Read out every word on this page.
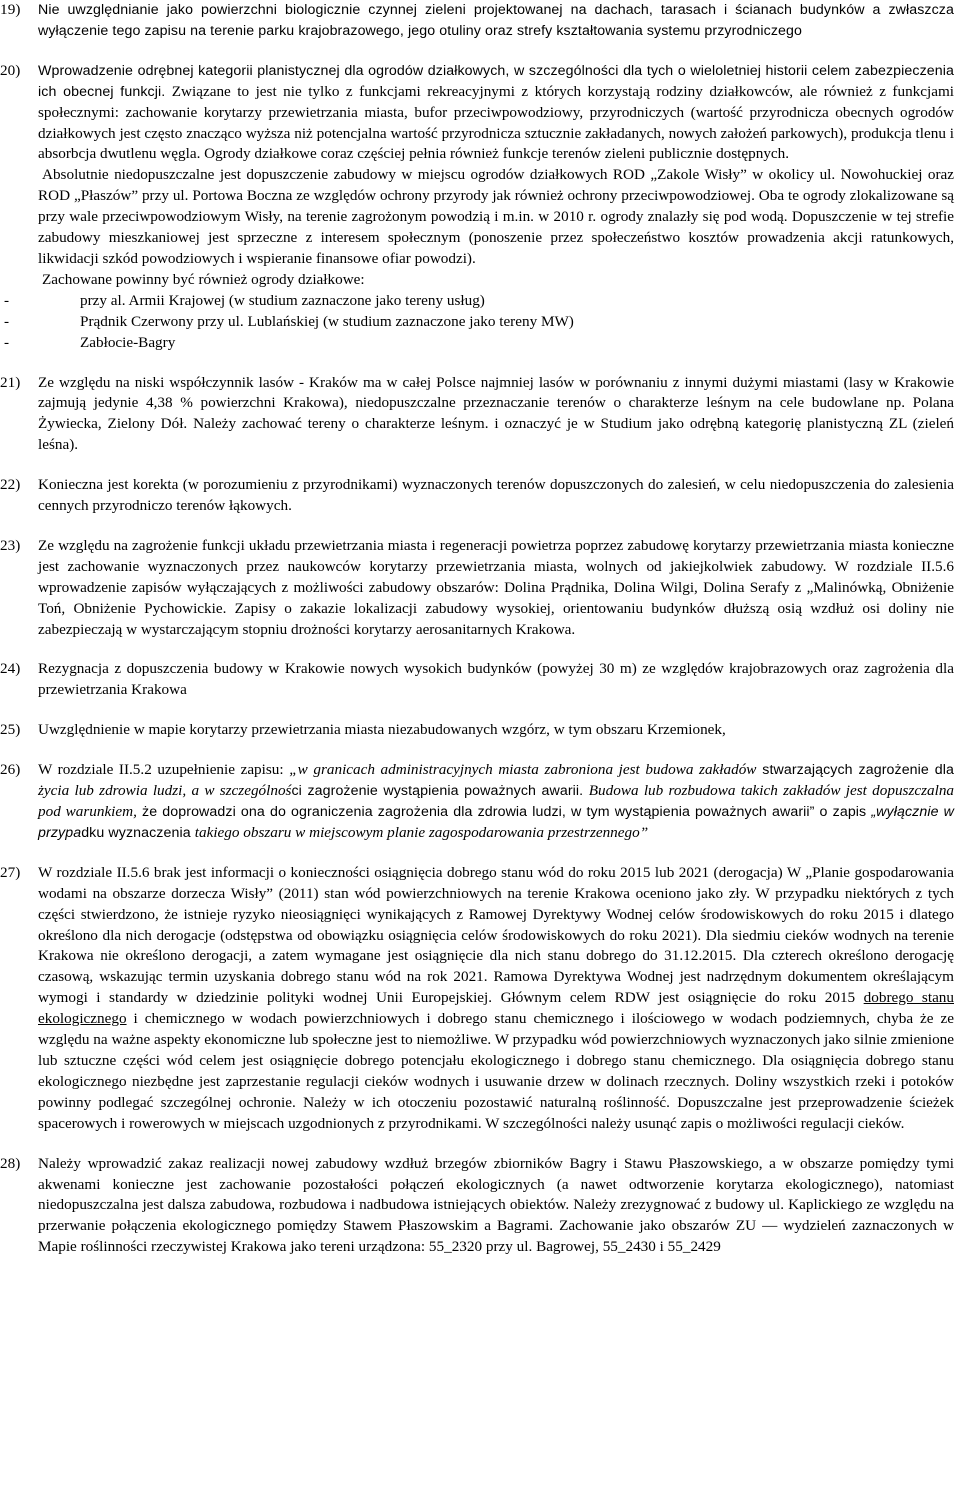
19) Nie uwzględnianie jako powierzchni biologicznie czynnej zieleni projektowanej na dachach, tarasach i ścianach budynków a zwłaszcza wyłączenie tego zapisu na terenie parku krajobrazowego, jego otuliny oraz strefy kształtowania systemu przyrodniczego

20) Wprowadzenie odrębnej kategorii planistycznej dla ogrodów działkowych, w szczególności dla tych o wieloletniej historii celem zabezpieczenia ich obecnej funkcji. Związane to jest nie tylko z funkcjami rekreacyjnymi z których korzystają rodziny działkowców, ale również z funkcjami społecznymi: zachowanie korytarzy przewietrzania miasta, bufor przeciwpowodziowy, przyrodniczych (wartość przyrodnicza obecnych ogrodów działkowych jest często znacząco wyższa niż potencjalna wartość przyrodnicza sztucznie zakładanych, nowych założeń parkowych), produkcja tlenu i absorbcja dwutlenu węgla. Ogrody działkowe coraz częściej pełnia również funkcje terenów zieleni publicznie dostępnych.

Absolutnie niedopuszczalne jest dopuszczenie zabudowy w miejscu ogrodów działkowych ROD „Zakole Wisły” w okolicy ul. Nowohuckiej oraz ROD „Płaszów” przy ul. Portowa Boczna ze względów ochrony przyrody jak również ochrony przeciwpowodziowej. Oba te ogrody zlokalizowane są przy wale przeciwpowodziowym Wisły, na terenie zagrożonym powodzią i m.in. w 2010 r. ogrody znalazły się pod wodą. Dopuszczenie w tej strefie zabudowy mieszkaniowej jest sprzeczne z interesem społecznym (ponoszenie przez społeczeństwo kosztów prowadzenia akcji ratunkowych, likwidacji szkód powodziowych i wspieranie finansowe ofiar powodzi).

Zachowane powinny być również ogrody działkowe:

- przy al. Armii Krajowej (w studium zaznaczone jako tereny usług)
- Prądnik Czerwony przy ul. Lublańskiej (w studium zaznaczone jako tereny MW)
- Zabłocie-Bagry
21) Ze względu na niski współczynnik lasów - Kraków ma w całej Polsce najmniej lasów w porównaniu z innymi dużymi miastami (lasy w Krakowie zajmują jedynie 4,38 % powierzchni Krakowa), niedopuszczalne przeznaczanie terenów o charakterze leśnym na cele budowlane np. Polana Żywiecka, Zielony Dół. Należy zachować tereny o charakterze leśnym. i oznaczyć je w Studium jako odrębną kategorię planistyczną ZL (zieleń leśna).

22) Konieczna jest korekta (w porozumieniu z przyrodnikami) wyznaczonych terenów dopuszczonych do zalesień, w celu niedopuszczenia do zalesienia cennych przyrodniczo terenów łąkowych.

23) Ze względu na zagrożenie funkcji układu przewietrzania miasta i regeneracji powietrza poprzez zabudowę korytarzy przewietrzania miasta konieczne jest zachowanie wyznaczonych przez naukowców korytarzy przewietrzania miasta, wolnych od jakiejkolwiek zabudowy. W rozdziale II.5.6 wprowadzenie zapisów wyłączających z możliwości zabudowy obszarów: Dolina Prądnika, Dolina Wilgi, Dolina Serafy z „Malinówką, Obniżenie Toń, Obniżenie Pychowickie. Zapisy o zakazie lokalizacji zabudowy wysokiej, orientowaniu budynków dłuższą osią wzdłuż osi doliny nie zabezpieczają w wystarczającym stopniu drożności korytarzy aerosanitarnych Krakowa.

24) Rezygnacja z dopuszczenia budowy w Krakowie nowych wysokich budynków (powyżej 30 m) ze względów krajobrazowych oraz zagrożenia dla przewietrzania Krakowa

25) Uwzględnienie w mapie korytarzy przewietrzania miasta niezabudowanych wzgórz, w tym obszaru Krzemionek,

26) W rozdziale II.5.2 uzupełnienie zapisu: „w granicach administracyjnych miasta zabroniona jest budowa zakładów stwarzających zagrożenie dla życia lub zdrowia ludzi, a w szczególności zagrożenie wystąpienia poważnych awarii. Budowa lub rozbudowa takich zakładów jest dopuszczalna pod warunkiem, że doprowadzi ona do ograniczenia zagrożenia dla zdrowia ludzi, w tym wystąpienia poważnych awarii” o zapis „wyłącznie w przypadku wyznaczenia takiego obszaru w miejscowym planie zagospodarowania przestrzennego”

27) W rozdziale II.5.6 brak jest informacji o konieczności osiągnięcia dobrego stanu wód do roku 2015 lub 2021 (derogacja) W „Planie gospodarowania wodami na obszarze dorzecza Wisły” (2011) stan wód powierzchniowych na terenie Krakowa oceniono jako zły. W przypadku niektórych z tych części stwierdzono, że istnieje ryzyko nieosiągnięci wynikających z Ramowej Dyrektywy Wodnej celów środowiskowych do roku 2015 i dlatego określono dla nich derogacje (odstępstwa od obowiązku osiągnięcia celów środowiskowych do roku 2021). Dla siedmiu cieków wodnych na terenie Krakowa nie określono derogacji, a zatem wymagane jest osiągnięcie dla nich stanu dobrego do 31.12.2015. Dla czterech określono derogację czasową, wskazując termin uzyskania dobrego stanu wód na rok 2021. Ramowa Dyrektywa Wodnej jest nadrzędnym dokumentem określającym wymogi i standardy w dziedzinie polityki wodnej Unii Europejskiej. Głównym celem RDW jest osiągnięcie do roku 2015 dobrego stanu ekologicznego i chemicznego w wodach powierzchniowych i dobrego stanu chemicznego i ilościowego w wodach podziemnych, chyba że ze względu na ważne aspekty ekonomiczne lub społeczne jest to niemożliwe. W przypadku wód powierzchniowych wyznaczonych jako silnie zmienione lub sztuczne części wód celem jest osiągnięcie dobrego potencjału ekologicznego i dobrego stanu chemicznego. Dla osiągnięcia dobrego stanu ekologicznego niezbędne jest zaprzestanie regulacji cieków wodnych i usuwanie drzew w dolinach rzecznych. Doliny wszystkich rzeki i potoków powinny podlegać szczególnej ochronie. Należy w ich otoczeniu pozostawić naturalną roślinność. Dopuszczalne jest przeprowadzenie ścieżek spacerowych i rowerowych w miejscach uzgodnionych z przyrodnikami. W szczególności należy usunąć zapis o możliwości regulacji cieków.

28) Należy wprowadzić zakaz realizacji nowej zabudowy wzdłuż brzegów zbiorników Bagry i Stawu Płaszowskiego, a w obszarze pomiędzy tymi akwenami konieczne jest zachowanie pozostałości połączeń ekologicznych (a nawet odtworzenie korytarza ekologicznego), natomiast niedopuszczalna jest dalsza zabudowa, rozbudowa i nadbudowa istniejących obiektów. Należy zrezygnować z budowy ul. Kaplickiego ze względu na przerwanie połączenia ekologicznego pomiędzy Stawem Płaszowskim a Bagrami. Zachowanie jako obszarów ZU — wydzieleń zaznaczonych w Mapie roślinności rzeczywistej Krakowa jako tereni urządzona: 55_2320 przy ul. Bagrowej, 55_2430 i 55_2429
